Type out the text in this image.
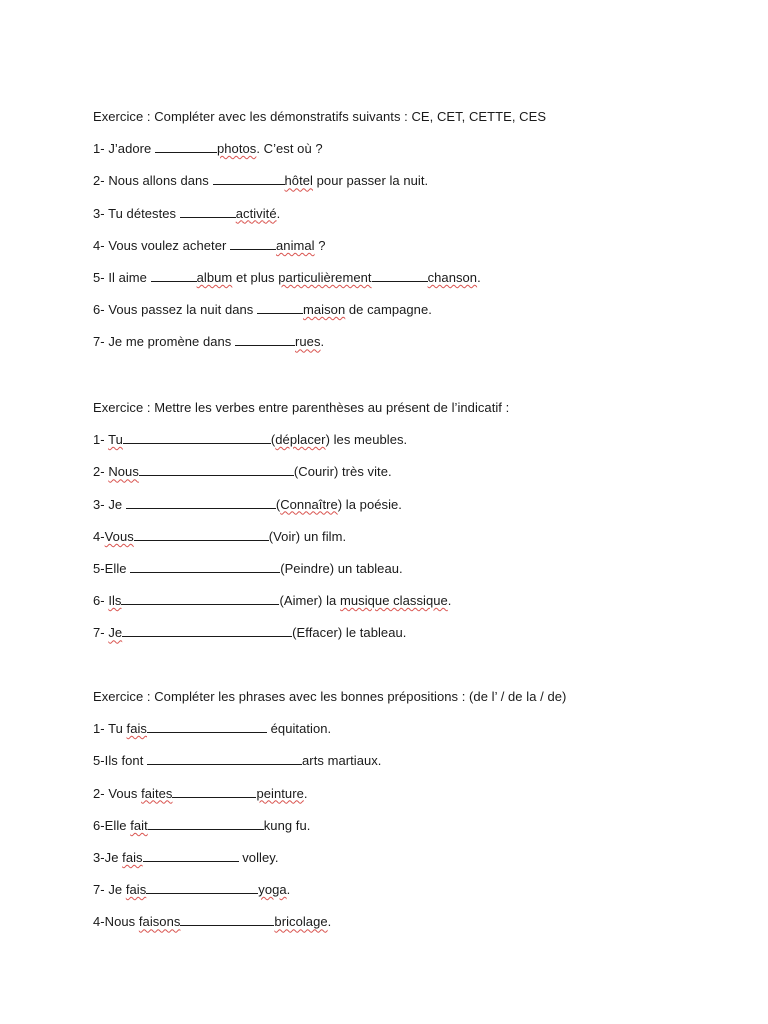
Exercice : Compléter avec les démonstratifs suivants : CE, CET, CETTE, CES
1- J’adore	photos. C’est où ?
2- Nous allons dans	hôtel pour passer la nuit.
3- Tu détestes	activité.
4- Vous voulez acheter	animal ?
5- Il aime	album et plus particulièrement	chanson.
6- Vous passez la nuit dans	maison de campagne.
7- Je me promène dans	rues.
Exercice : Mettre les verbes entre parenthèses au présent de l’indicatif :
1- Tu	(déplacer) les meubles.
2- Nous	(Courir) très vite.
3- Je	(Connaître) la poésie.
4-Vous	(Voir) un film.
5-Elle	(Peindre) un tableau.
6- Ils	(Aimer) la musique classique.
7- Je	(Effacer) le tableau.
Exercice : Compléter les phrases avec les bonnes prépositions : (de l’ / de la / de)
1- Tu fais	équitation.
5-Ils font	arts martiaux.
2- Vous faites	peinture.
6-Elle fait	kung fu.
3-Je fais	volley.
7- Je fais	yoga.
4-Nous faisons	bricolage.
